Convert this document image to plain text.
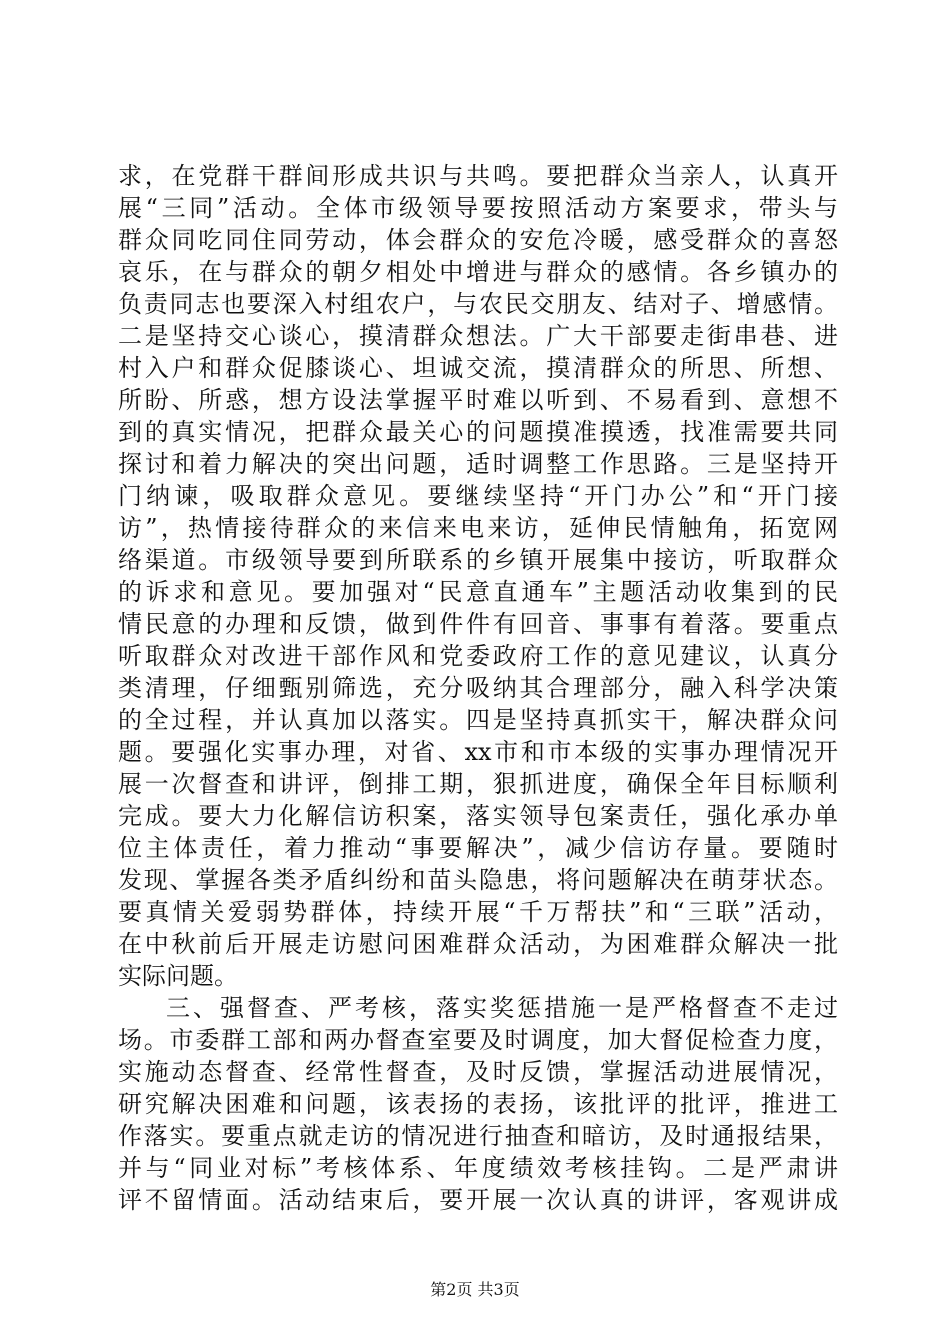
求，在党群干群间形成共识与共鸣。要把群众当亲人，认真开
展“三同”活动。全体市级领导要按照活动方案要求，带头与
群众同吃同住同劳动，体会群众的安危冷暖，感受群众的喜怒
哀乐，在与群众的朝夕相处中增进与群众的感情。各乡镇办的
负责同志也要深入村组农户，与农民交朋友、结对子、增感情。
二是坚持交心谈心，摸清群众想法。广大干部要走街串巷、进
村入户和群众促膝谈心、坦诚交流，摸清群众的所思、所想、
所盼、所惑，想方设法掌握平时难以听到、不易看到、意想不
到的真实情况，把群众最关心的问题摸准摸透，找准需要共同
探讨和着力解决的突出问题，适时调整工作思路。三是坚持开
门纳谏，吸取群众意见。要继续坚持“开门办公”和“开门接
访”，热情接待群众的来信来电来访，延伸民情触角，拓宽网
络渠道。市级领导要到所联系的乡镇开展集中接访，听取群众
的诉求和意见。要加强对“民意直通车”主题活动收集到的民
情民意的办理和反馈，做到件件有回音、事事有着落。要重点
听取群众对改进干部作风和党委政府工作的意见建议，认真分
类清理，仔细甄别筛选，充分吸纳其合理部分，融入科学决策
的全过程，并认真加以落实。四是坚持真抓实干，解决群众问
题。要强化实事办理，对省、xx市和市本级的实事办理情况开
展一次督查和讲评，倒排工期，狠抓进度，确保全年目标顺利
完成。要大力化解信访积案，落实领导包案责任，强化承办单
位主体责任，着力推动“事要解决”，减少信访存量。要随时
发现、掌握各类矛盾纠纷和苗头隐患，将问题解决在萌芽状态。
要真情关爱弱势群体，持续开展“千万帮扶”和“三联”活动，
在中秋前后开展走访慰问困难群众活动，为困难群众解决一批
实际问题。
三、强督查、严考核，落实奖惩措施一是严格督查不走过
场。市委群工部和两办督查室要及时调度，加大督促检查力度，
实施动态督查、经常性督查，及时反馈，掌握活动进展情况，
研究解决困难和问题，该表扬的表扬，该批评的批评，推进工
作落实。要重点就走访的情况进行抽查和暗访，及时通报结果，
并与“同业对标”考核体系、年度绩效考核挂钩。二是严肃讲
评不留情面。活动结束后，要开展一次认真的讲评，客观讲成
第2页 共3页
